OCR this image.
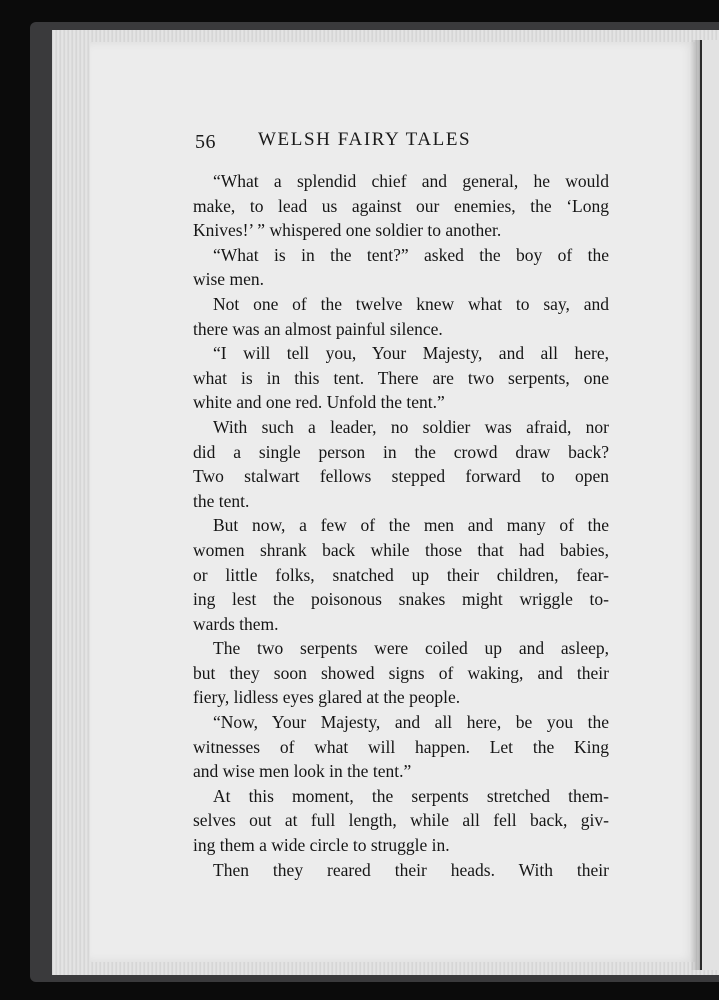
56 WELSH FAIRY TALES
“What a splendid chief and general, he would
make, to lead us against our enemies, the ‘Long
Knives!’ ” whispered one soldier to another.
“What is in the tent?” asked the boy of the
wise men.
Not one of the twelve knew what to say, and
there was an almost painful silence.
“I will tell you, Your Majesty, and all here,
what is in this tent. There are two serpents, one
white and one red. Unfold the tent.”
With such a leader, no soldier was afraid, nor
did a single person in the crowd draw back?
Two stalwart fellows stepped forward to open
the tent.
But now, a few of the men and many of the
women shrank back while those that had babies,
or little folks, snatched up their children, fear-
ing lest the poisonous snakes might wriggle to-
wards them.
The two serpents were coiled up and asleep,
but they soon showed signs of waking, and their
fiery, lidless eyes glared at the people.
“Now, Your Majesty, and all here, be you the
witnesses of what will happen. Let the King
and wise men look in the tent.”
At this moment, the serpents stretched them-
selves out at full length, while all fell back, giv-
ing them a wide circle to struggle in.
Then they reared their heads. With their
